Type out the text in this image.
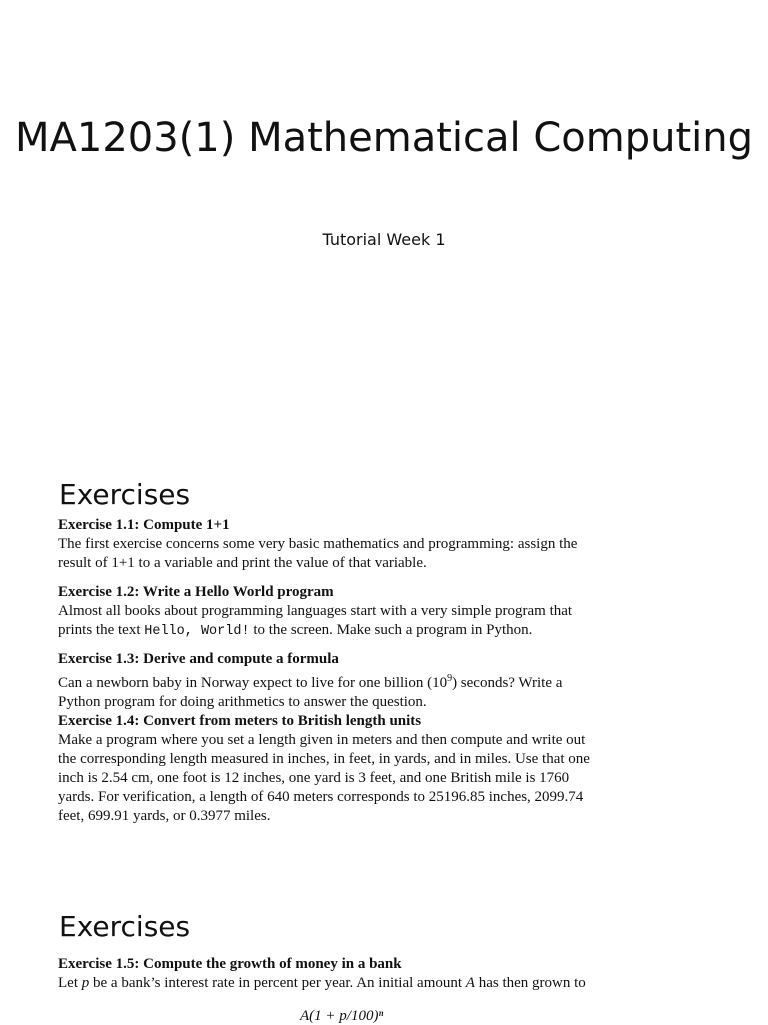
MA1203(1) Mathematical Computing
Tutorial Week 1
Exercises
Exercise 1.1: Compute 1+1
The first exercise concerns some very basic mathematics and programming: assign the result of 1+1 to a variable and print the value of that variable.
Exercise 1.2: Write a Hello World program
Almost all books about programming languages start with a very simple program that prints the text Hello, World! to the screen. Make such a program in Python.
Exercise 1.3: Derive and compute a formula
Can a newborn baby in Norway expect to live for one billion $(10^9)$ seconds? Write a Python program for doing arithmetics to answer the question.
Exercise 1.4: Convert from meters to British length units
Make a program where you set a length given in meters and then compute and write out the corresponding length measured in inches, in feet, in yards, and in miles. Use that one inch is 2.54 cm, one foot is 12 inches, one yard is 3 feet, and one British mile is 1760 yards. For verification, a length of 640 meters corresponds to 25196.85 inches, 2099.74 feet, 699.91 yards, or 0.3977 miles.
Exercises
Exercise 1.5: Compute the growth of money in a bank
Let p be a bank’s interest rate in percent per year. An initial amount A has then grown to
A(1 + p/100)ⁿ
